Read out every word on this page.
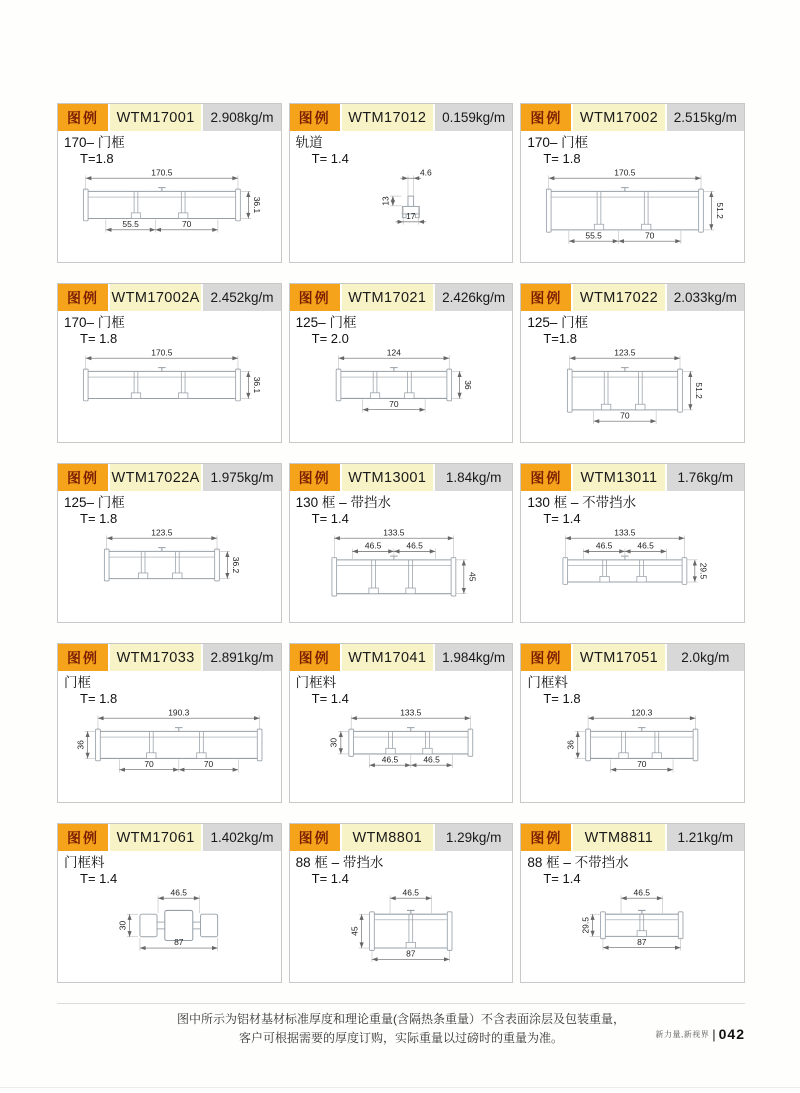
图例	WTM17001	2.908kg/m
170– 门框
T=1.8
170.5
36.1
55.5	70
图例	WTM17012	0.159kg/m
轨道
T= 1.4
4.6
13
17
图例	WTM17002	2.515kg/m
170– 门框
T= 1.8
170.5
51.2
55.5	70
图例 WTM17002A 2.452kg/m
170– 门框
T= 1.8
170.5
36.1
图例	WTM17021	2.426kg/m
125– 门框
T= 2.0
124
36
70
图例	WTM17022	2.033kg/m
125– 门框
T=1.8
123.5
51.2
70
图例 WTM17022A 1.975kg/m
125– 门框
T= 1.8
123.5
36.2
图例	WTM13001	1.84kg/m
130 框 – 带挡水
T= 1.4
133.5
46.5	46.5
45
图例	WTM13011	1.76kg/m
130 框 – 不带挡水
T= 1.4
133.5
46.5	46.5
29.5
图例	WTM17033	2.891kg/m
门框
T= 1.8
190.3
36
70	70
图例	WTM17041	1.984kg/m
门框料
T= 1.4
133.5
30
46.5	46.5
图例	WTM17051	2.0kg/m
门框料
T= 1.8
120.3
36
70
图例	WTM17061	1.402kg/m
门框料
T= 1.4
46.5
30
87
图例	WTM8801	1.29kg/m
88 框 – 带挡水
T= 1.4
46.5
45
87
图例	WTM8811	1.21kg/m
88 框 – 不带挡水
T= 1.4
46.5
29.5
87
图中所示为铝材基材标准厚度和理论重量(含隔热条重量）不含表面涂层及包装重量，
客户可根据需要的厚度订购，实际重量以过磅时的重量为准。	新力量,新视界 | 042
